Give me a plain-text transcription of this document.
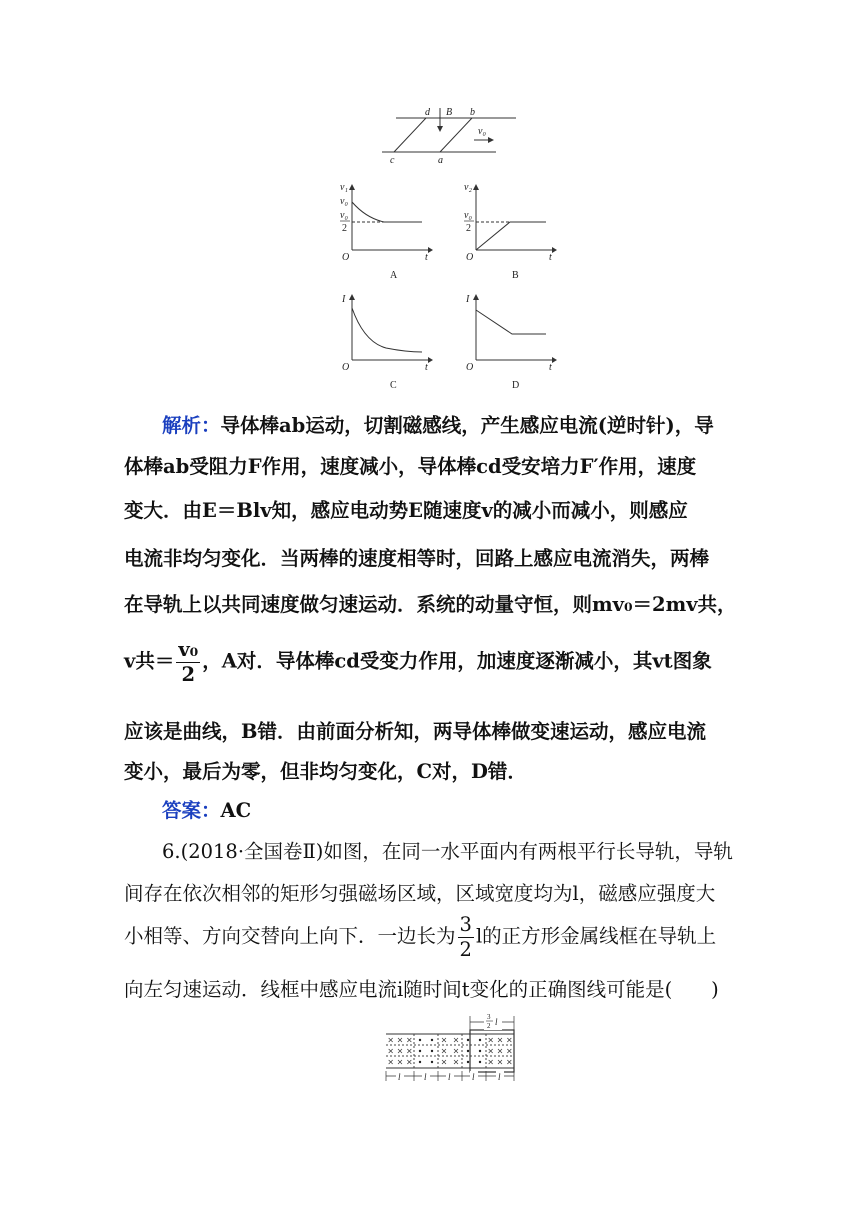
d B b
v₀
c	a
v₁
v₀
v₀
2
O	t
A
v₂
v₀
2
O	t
B
I
O	t
C
I
O	t
D
解析：导体棒ab运动，切割磁感线，产生感应电流(逆时针)，导
体棒ab受阻力F作用，速度减小，导体棒cd受安培力F′作用，速度
变大．由E＝Blv知，感应电动势E随速度v的减小而减小，则感应
电流非均匀变化．当两棒的速度相等时，回路上感应电流消失，两棒
在导轨上以共同速度做匀速运动．系统的动量守恒，则mv₀＝2mv共，
v共＝ $\frac{\text{v₀}}{2}$ ，A对．导体棒cd受变力作用，加速度逐渐减小，其vt图象
应该是曲线，B错．由前面分析知，两导体棒做变速运动，感应电流
变小，最后为零，但非均匀变化，C对，D错．
答案：AC
6.(2018·全国卷Ⅱ)如图，在同一水平面内有两根平行长导轨，导轨
间存在依次相邻的矩形匀强磁场区域，区域宽度均为l，磁感应强度大
小相等、方向交替向上向下．一边长为 $\frac{3}{2}$ l的正方形金属线框在导轨上
向左匀速运动．线框中感应电流i随时间t变化的正确图线可能是(　　)
3
2 l
l	l l l	l
